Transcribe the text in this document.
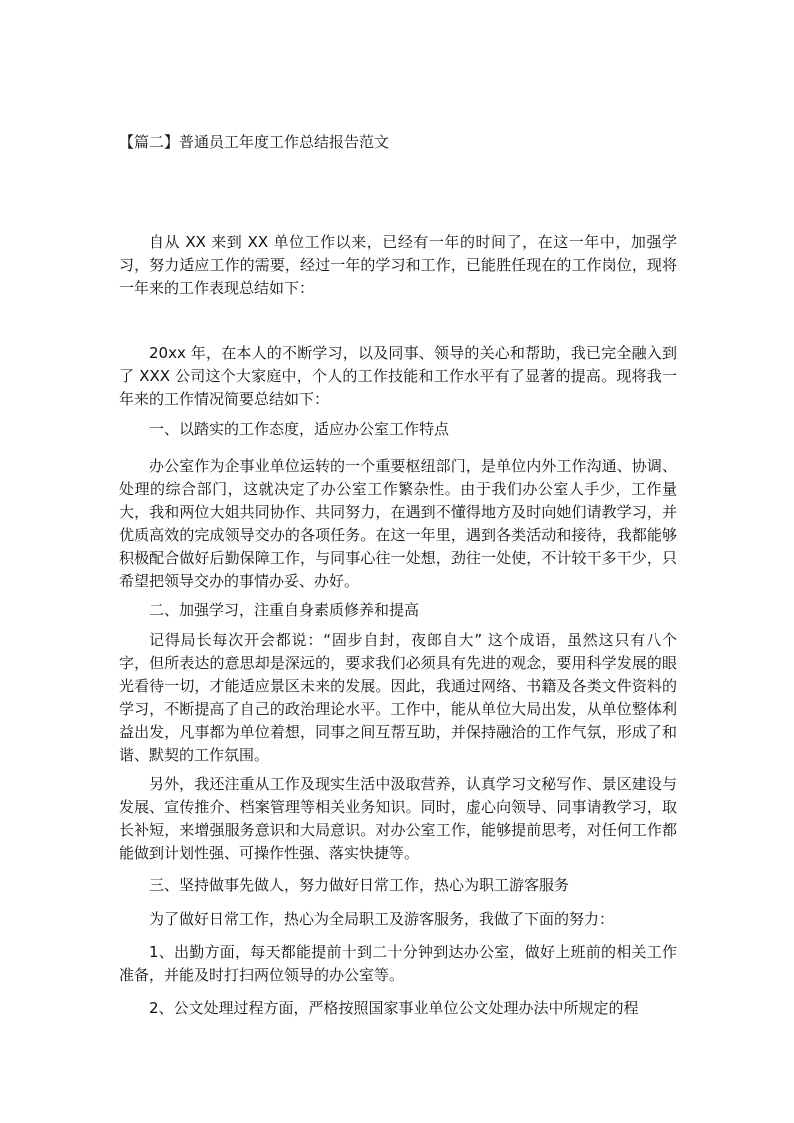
【篇二】普通员工年度工作总结报告范文

自从 XX 来到 XX 单位工作以来，已经有一年的时间了，在这一年中，加强学习，努力适应工作的需要，经过一年的学习和工作，已能胜任现在的工作岗位，现将一年来的工作表现总结如下：

20xx 年，在本人的不断学习，以及同事、领导的关心和帮助，我已完全融入到了 XXX 公司这个大家庭中，个人的工作技能和工作水平有了显著的提高。现将我一年来的工作情况简要总结如下：

一、以踏实的工作态度，适应办公室工作特点

办公室作为企事业单位运转的一个重要枢纽部门，是单位内外工作沟通、协调、处理的综合部门，这就决定了办公室工作繁杂性。由于我们办公室人手少，工作量大，我和两位大姐共同协作、共同努力，在遇到不懂得地方及时向她们请教学习，并优质高效的完成领导交办的各项任务。在这一年里，遇到各类活动和接待，我都能够积极配合做好后勤保障工作，与同事心往一处想，劲往一处使，不计较干多干少，只希望把领导交办的事情办妥、办好。

二、加强学习，注重自身素质修养和提高

记得局长每次开会都说：“固步自封，夜郎自大” 这个成语，虽然这只有八个字，但所表达的意思却是深远的，要求我们必须具有先进的观念，要用科学发展的眼光看待一切，才能适应景区未来的发展。因此，我通过网络、书籍及各类文件资料的学习，不断提高了自己的政治理论水平。工作中，能从单位大局出发，从单位整体利益出发，凡事都为单位着想，同事之间互帮互助，并保持融洽的工作气氛，形成了和谐、默契的工作氛围。

另外，我还注重从工作及现实生活中汲取营养，认真学习文秘写作、景区建设与发展、宣传推介、档案管理等相关业务知识。同时，虚心向领导、同事请教学习，取长补短，来增强服务意识和大局意识。对办公室工作，能够提前思考，对任何工作都能做到计划性强、可操作性强、落实快捷等。

三、坚持做事先做人，努力做好日常工作，热心为职工游客服务

为了做好日常工作，热心为全局职工及游客服务，我做了下面的努力：

1、出勤方面，每天都能提前十到二十分钟到达办公室，做好上班前的相关工作准备，并能及时打扫两位领导的办公室等。

2、公文处理过程方面，严格按照国家事业单位公文处理办法中所规定的程
